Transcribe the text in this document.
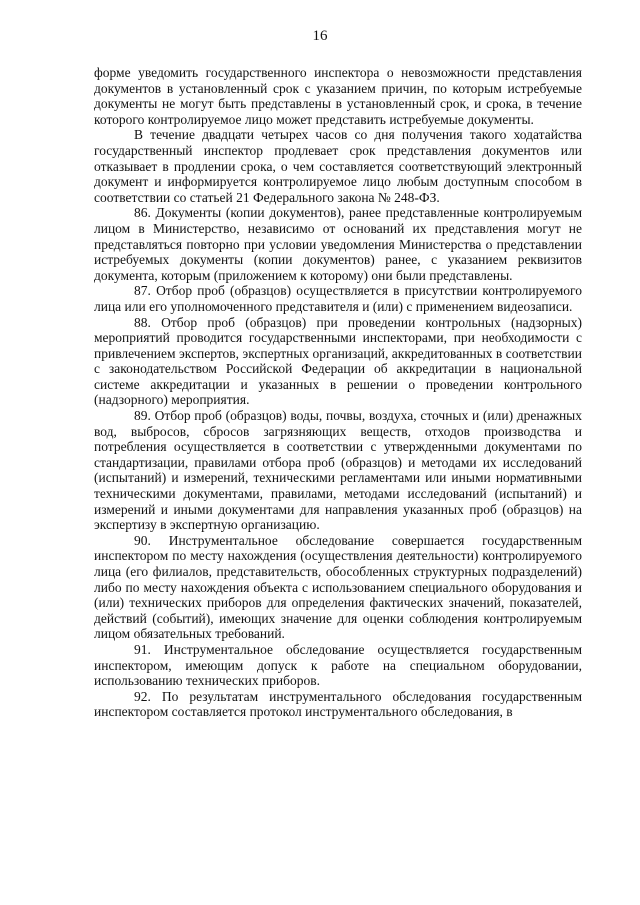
16

форме уведомить государственного инспектора о невозможности представления документов в установленный срок с указанием причин, по которым истребуемые документы не могут быть представлены в установленный срок, и срока, в течение которого контролируемое лицо может представить истребуемые документы.

В течение двадцати четырех часов со дня получения такого ходатайства государственный инспектор продлевает срок представления документов или отказывает в продлении срока, о чем составляется соответствующий электронный документ и информируется контролируемое лицо любым доступным способом в соответствии со статьей 21 Федерального закона № 248-ФЗ.

86. Документы (копии документов), ранее представленные контролируемым лицом в Министерство, независимо от оснований их представления могут не представляться повторно при условии уведомления Министерства о представлении истребуемых документы (копии документов) ранее, с указанием реквизитов документа, которым (приложением к которому) они были представлены.

87. Отбор проб (образцов) осуществляется в присутствии контролируемого лица или его уполномоченного представителя и (или) с применением видеозаписи.

88. Отбор проб (образцов) при проведении контрольных (надзорных) мероприятий проводится государственными инспекторами, при необходимости с привлечением экспертов, экспертных организаций, аккредитованных в соответствии с законодательством Российской Федерации об аккредитации в национальной системе аккредитации и указанных в решении о проведении контрольного (надзорного) мероприятия.

89. Отбор проб (образцов) воды, почвы, воздуха, сточных и (или) дренажных вод, выбросов, сбросов загрязняющих веществ, отходов производства и потребления осуществляется в соответствии с утвержденными документами по стандартизации, правилами отбора проб (образцов) и методами их исследований (испытаний) и измерений, техническими регламентами или иными нормативными техническими документами, правилами, методами исследований (испытаний) и измерений и иными документами для направления указанных проб (образцов) на экспертизу в экспертную организацию.

90. Инструментальное обследование совершается государственным инспектором по месту нахождения (осуществления деятельности) контролируемого лица (его филиалов, представительств, обособленных структурных подразделений) либо по месту нахождения объекта с использованием специального оборудования и (или) технических приборов для определения фактических значений, показателей, действий (событий), имеющих значение для оценки соблюдения контролируемым лицом обязательных требований.

91. Инструментальное обследование осуществляется государственным инспектором, имеющим допуск к работе на специальном оборудовании, использованию технических приборов.

92. По результатам инструментального обследования государственным инспектором составляется протокол инструментального обследования, в
